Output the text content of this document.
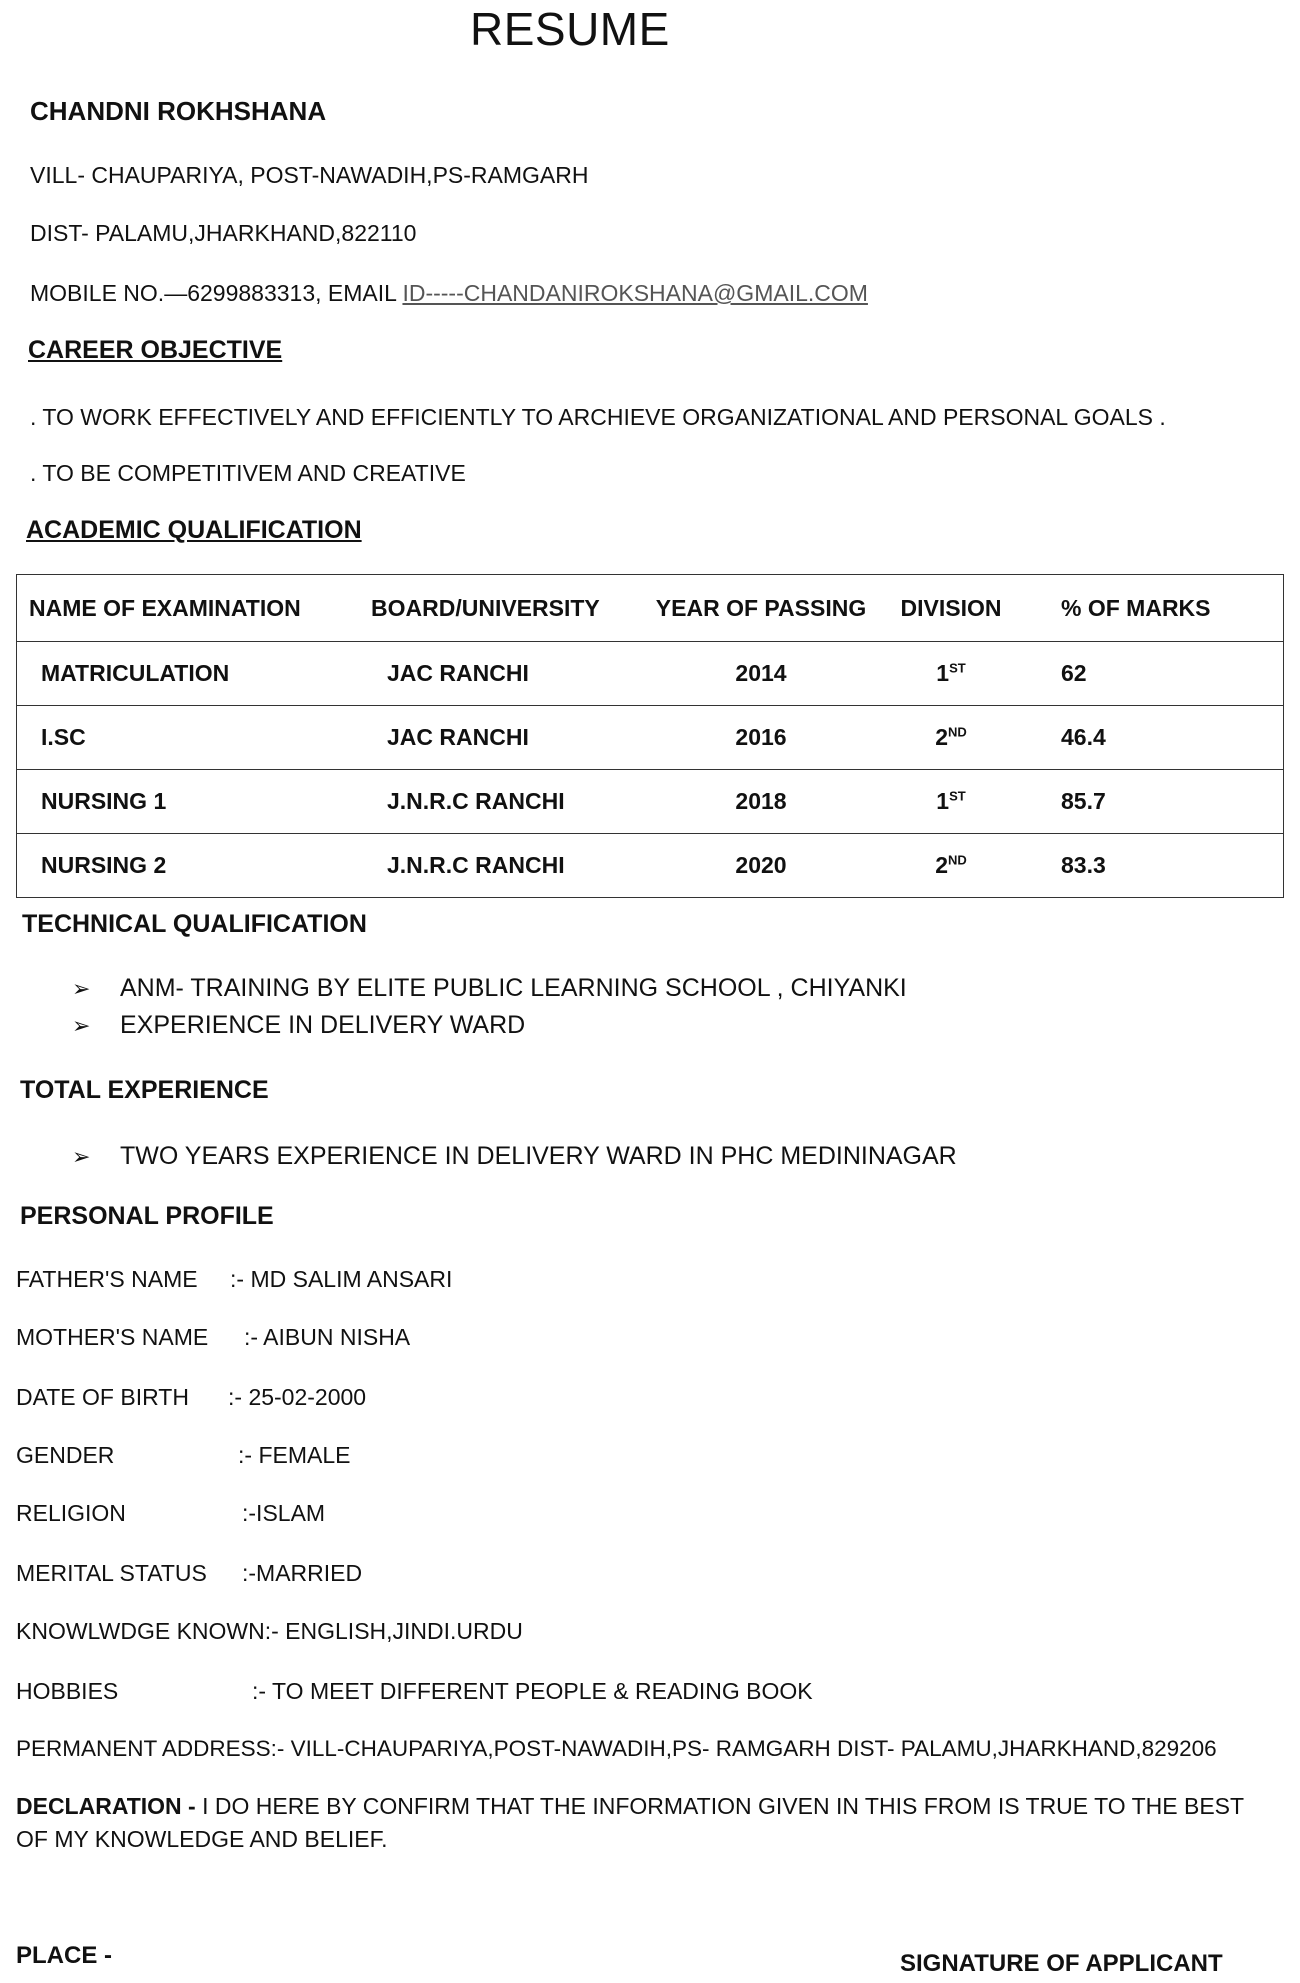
RESUME
CHANDNI ROKHSHANA
VILL- CHAUPARIYA, POST-NAWADIH,PS-RAMGARH
DIST- PALAMU,JHARKHAND,822110
MOBILE NO.—6299883313, EMAIL ID-----CHANDANIROKSHANA@GMAIL.COM
CAREER OBJECTIVE
. TO WORK EFFECTIVELY AND EFFICIENTLY TO ARCHIEVE ORGANIZATIONAL AND PERSONAL GOALS .
. TO BE COMPETITIVEM AND CREATIVE
ACADEMIC QUALIFICATION
NAME OF EXAMINATION	BOARD/UNIVERSITY	YEAR OF PASSING	DIVISION	% OF MARKS
MATRICULATION	JAC RANCHI	2014	1ST	62
I.SC	JAC RANCHI	2016	2ND	46.4
NURSING 1	J.N.R.C RANCHI	2018	1ST	85.7
NURSING 2	J.N.R.C RANCHI	2020	2ND	83.3
TECHNICAL QUALIFICATION
➢	ANM- TRAINING BY ELITE PUBLIC LEARNING SCHOOL , CHIYANKI
➢	EXPERIENCE IN DELIVERY WARD
TOTAL EXPERIENCE
➢	TWO YEARS EXPERIENCE IN DELIVERY WARD IN PHC MEDININAGAR
PERSONAL PROFILE
FATHER'S NAME :- MD SALIM ANSARI
MOTHER'S NAME :- AIBUN NISHA
DATE OF BIRTH :- 25-02-2000
GENDER	:- FEMALE
RELIGION	:-ISLAM
MERITAL STATUS :-MARRIED
KNOWLWDGE KNOWN:- ENGLISH,JINDI.URDU
HOBBIES	:- TO MEET DIFFERENT PEOPLE & READING BOOK
PERMANENT ADDRESS:- VILL-CHAUPARIYA,POST-NAWADIH,PS- RAMGARH DIST- PALAMU,JHARKHAND,829206
DECLARATION - I DO HERE BY CONFIRM THAT THE INFORMATION GIVEN IN THIS FROM IS TRUE TO THE BEST OF MY KNOWLEDGE AND BELIEF.
PLACE -	SIGNATURE OF APPLICANT
